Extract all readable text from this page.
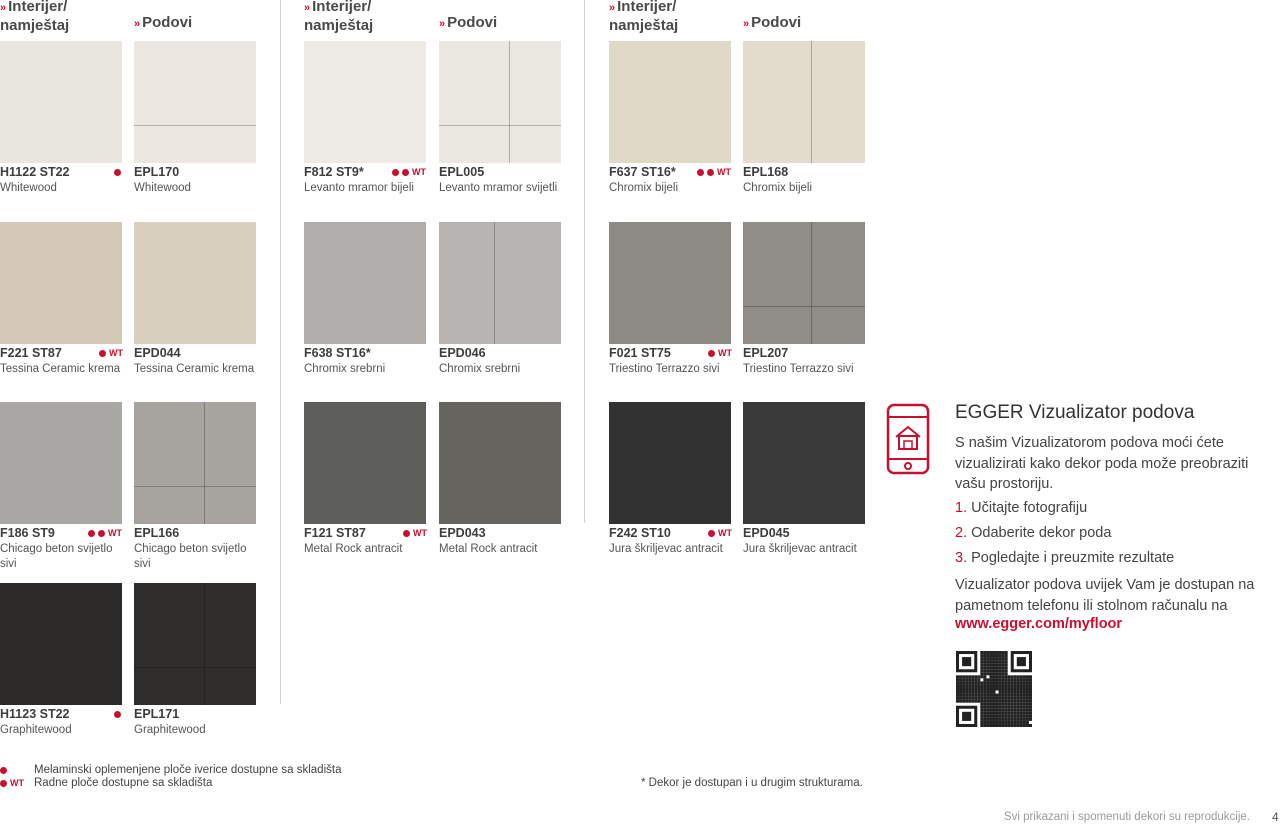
» Interijer/
namještaj	» Podovi
» Interijer/
namještaj	» Podovi
» Interijer/
namještaj	» Podovi
H1122 ST22
Whitewood
EPL170
Whitewood
F812 ST9*
Levanto mramor bijeli
WT EPL005
Levanto mramor svijetli
F637 ST16*
Chromix bijeli
WT EPL168
Chromix bijeli
F221 ST87
Tessina Ceramic krema
WT EPD044
Tessina Ceramic krema
F638 ST16*
Chromix srebrni
EPD046
Chromix srebrni
F021 ST75
Triestino Terrazzo sivi
WT EPL207
Triestino Terrazzo sivi
F186 ST9
Chicago beton svijetlo sivi
WT EPL166
Chicago beton svijetlo sivi
F121 ST87
Metal Rock antracit
WT EPD043
Metal Rock antracit
F242 ST10
Jura škriljevac antracit
WT EPD045
Jura škriljevac antracit
H1123 ST22
Graphitewood
EPL171
Graphitewood
EGGER Vizualizator podova
S našim Vizualizatorom podova moći ćete vizualizirati kako dekor poda može preobraziti vašu prostoriju.
1. Učitajte fotografiju
2. Odaberite dekor poda
3. Pogledajte i preuzmite rezultate
Vizualizator podova uvijek Vam je dostupan na pametnom telefonu ili stolnom računalu na
www.egger.com/myfloor
Melaminski oplemenjene ploče iverice dostupne sa skladišta
WT Radne ploče dostupne sa skladišta	* Dekor je dostupan i u drugim strukturama.
Svi prikazani i spomenuti dekori su reprodukcije. 4
